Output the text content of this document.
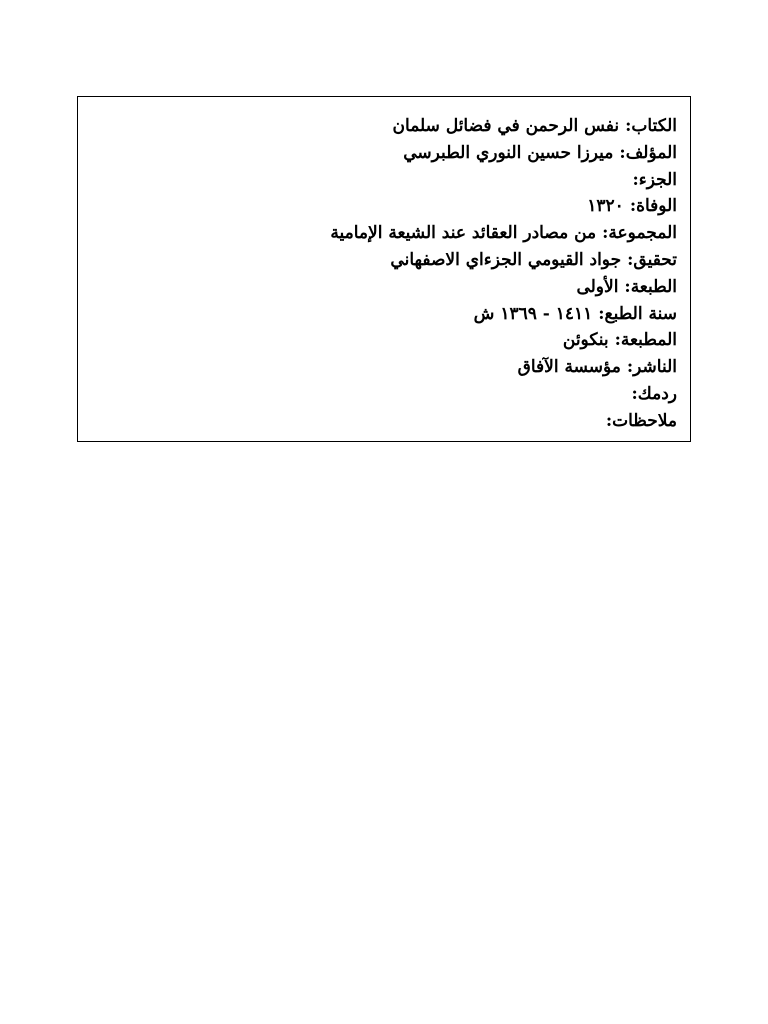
الكتاب:نفس الرحمن في فضائل سلمان
المؤلف:ميرزا حسين النوري الطبرسي
الجزء:
الوفاة:١٣٢٠
المجموعة:من مصادر العقائد عند الشيعة الإمامية
تحقيق:جواد القيومي الجزءاي الاصفهاني
الطبعة:الأولى
سنة الطبع:١٤١١ - ١٣٦٩ ش
المطبعة:بنكوئن
الناشر:مؤسسة الآفاق
ردمك:
ملاحظات:
